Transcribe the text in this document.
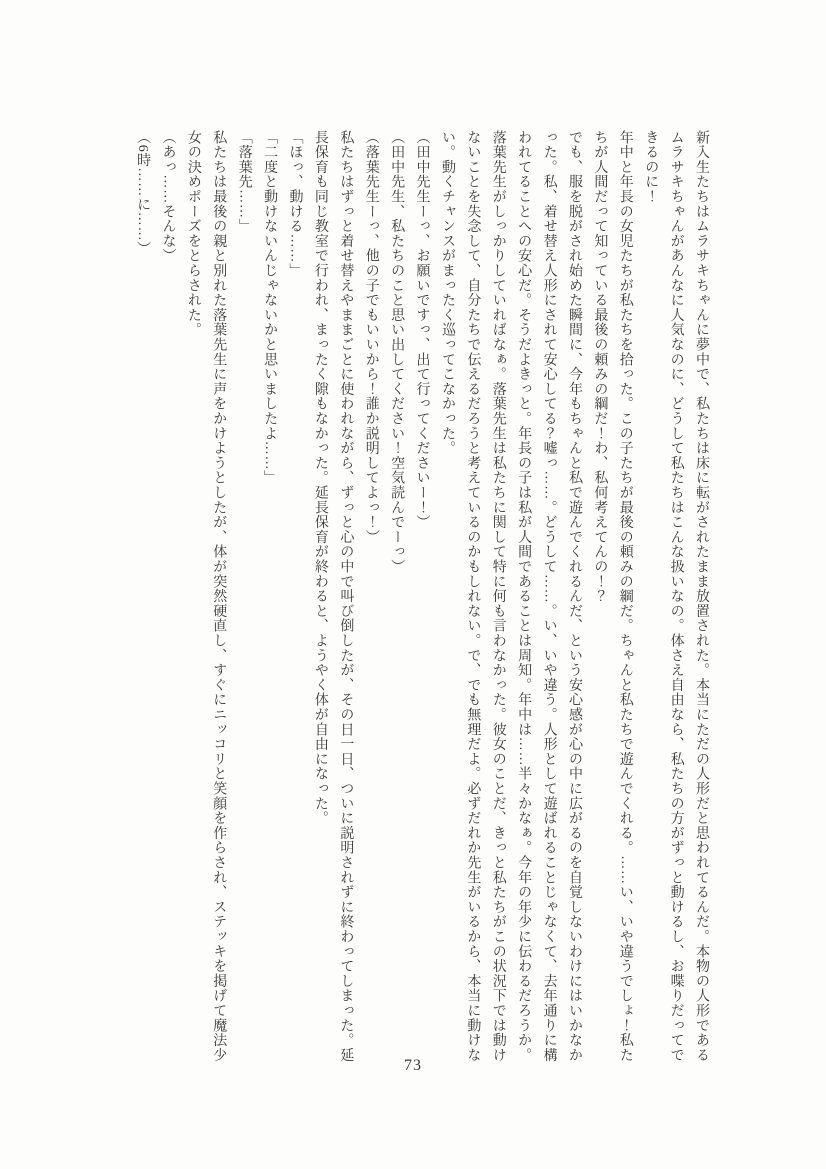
新入生たちはムラサキちゃんに夢中で、私たちは床に転がされたまま放置された。本当にただの人形だと思われてるんだ。本物の人形であるムラサキちゃんがあんなに人気なのに、どうして私たちはこんな扱いなの。体さえ自由なら、私たちの方がずっと動けるし、お喋りだってできるのに！

年中と年長の女児たちが私たちを拾った。この子たちが最後の頼みの綱だ。ちゃんと私たちで遊んでくれる。……い、いや違うでしょ！私たちが人間だって知っている最後の頼みの綱だ！わ、私何考えてんの！？

でも、服を脱がされ始めた瞬間に、今年もちゃんと私で遊んでくれるんだ、という安心感が心の中に広がるのを自覚しないわけにはいかなかった。私、着せ替え人形にされて安心してる？嘘っ……。どうして……。い、いや違う。人形として遊ばれることじゃなくて、去年通りに構われてることへの安心だ。そうだよきっと。年長の子は私が人間であることは周知。年中は……半々かなぁ。今年の年少に伝わるだろうか。

落葉先生がしっかりしていればなぁ。落葉先生は私たちに関して特に何も言わなかった。彼女のことだ、きっと私たちがこの状況下では動けないことを失念して、自分たちで伝えるだろうと考えているのかもしれない。で、でも無理だよ。必ずだれか先生がいるから、本当に動けない。動くチャンスがまったく巡ってこなかった。

（田中先生ーっ、お願いですっ、出て行ってくださいー！）

（田中先生、私たちのこと思い出してください！空気読んでーっ）

（落葉先生ーっ、他の子でもいいから！誰か説明してよっ！）

私たちはずっと着せ替えやままごとに使われながら、ずっと心の中で叫び倒したが、その日一日、ついに説明されずに終わってしまった。延長保育も同じ教室で行われ、まったく隙もなかった。延長保育が終わると、ようやく体が自由になった。

「ほっ、動ける……」

「二度と動けないんじゃないかと思いましたよ……」

「落葉先……」

私たちは最後の親と別れた落葉先生に声をかけようとしたが、体が突然硬直し、すぐにニッコリと笑顔を作らされ、ステッキを掲げて魔法少女の決めポーズをとらされた。

（あっ……そんな）

（6時……に……）

73
